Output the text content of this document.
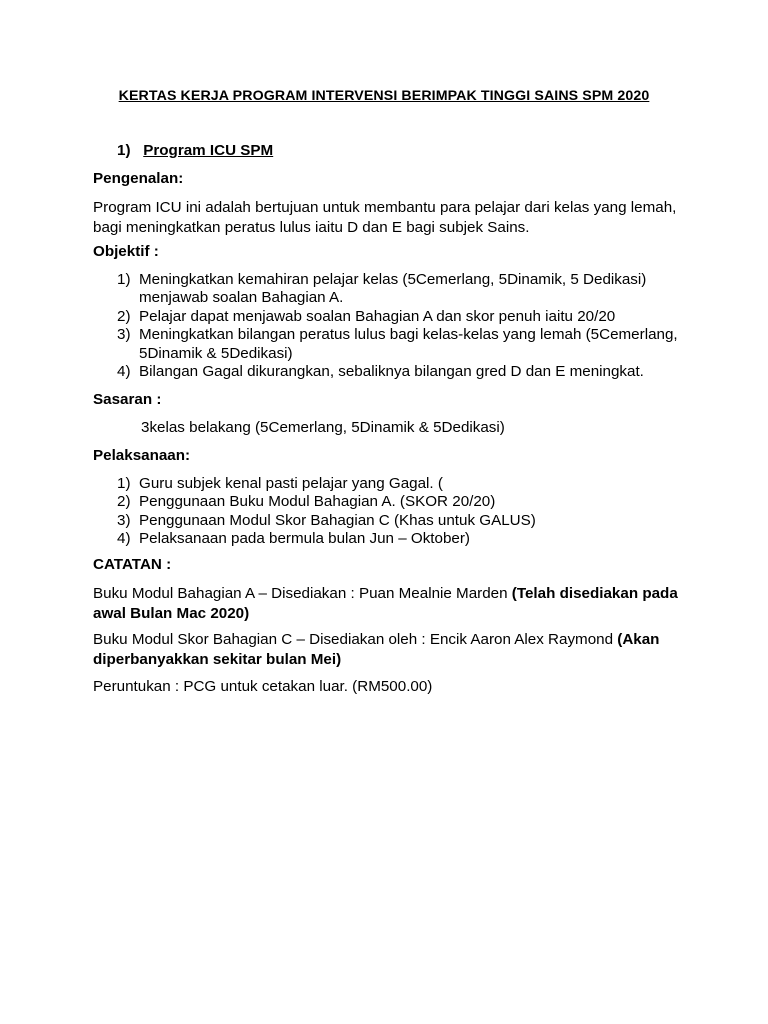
KERTAS KERJA PROGRAM INTERVENSI BERIMPAK TINGGI SAINS SPM 2020
1) Program ICU SPM
Pengenalan:
Program ICU ini adalah bertujuan untuk membantu para pelajar dari kelas yang lemah, bagi meningkatkan peratus lulus iaitu D dan E bagi subjek Sains.
Objektif :
1) Meningkatkan kemahiran pelajar kelas (5Cemerlang, 5Dinamik, 5 Dedikasi) menjawab soalan Bahagian A.
2) Pelajar dapat menjawab soalan Bahagian A dan skor penuh iaitu 20/20
3) Meningkatkan bilangan peratus lulus bagi kelas-kelas yang lemah (5Cemerlang, 5Dinamik & 5Dedikasi)
4) Bilangan Gagal dikurangkan, sebaliknya bilangan gred D dan E meningkat.
Sasaran :
3kelas belakang (5Cemerlang, 5Dinamik & 5Dedikasi)
Pelaksanaan:
1) Guru subjek kenal pasti pelajar yang Gagal. (
2) Penggunaan Buku Modul Bahagian A. (SKOR 20/20)
3) Penggunaan Modul Skor Bahagian C (Khas untuk GALUS)
4) Pelaksanaan pada bermula bulan Jun – Oktober)
CATATAN :
Buku Modul Bahagian A – Disediakan : Puan Mealnie Marden (Telah disediakan pada awal Bulan Mac 2020)
Buku Modul Skor Bahagian C – Disediakan oleh : Encik Aaron Alex Raymond (Akan diperbanyakkan sekitar bulan Mei)
Peruntukan : PCG untuk cetakan luar. (RM500.00)
